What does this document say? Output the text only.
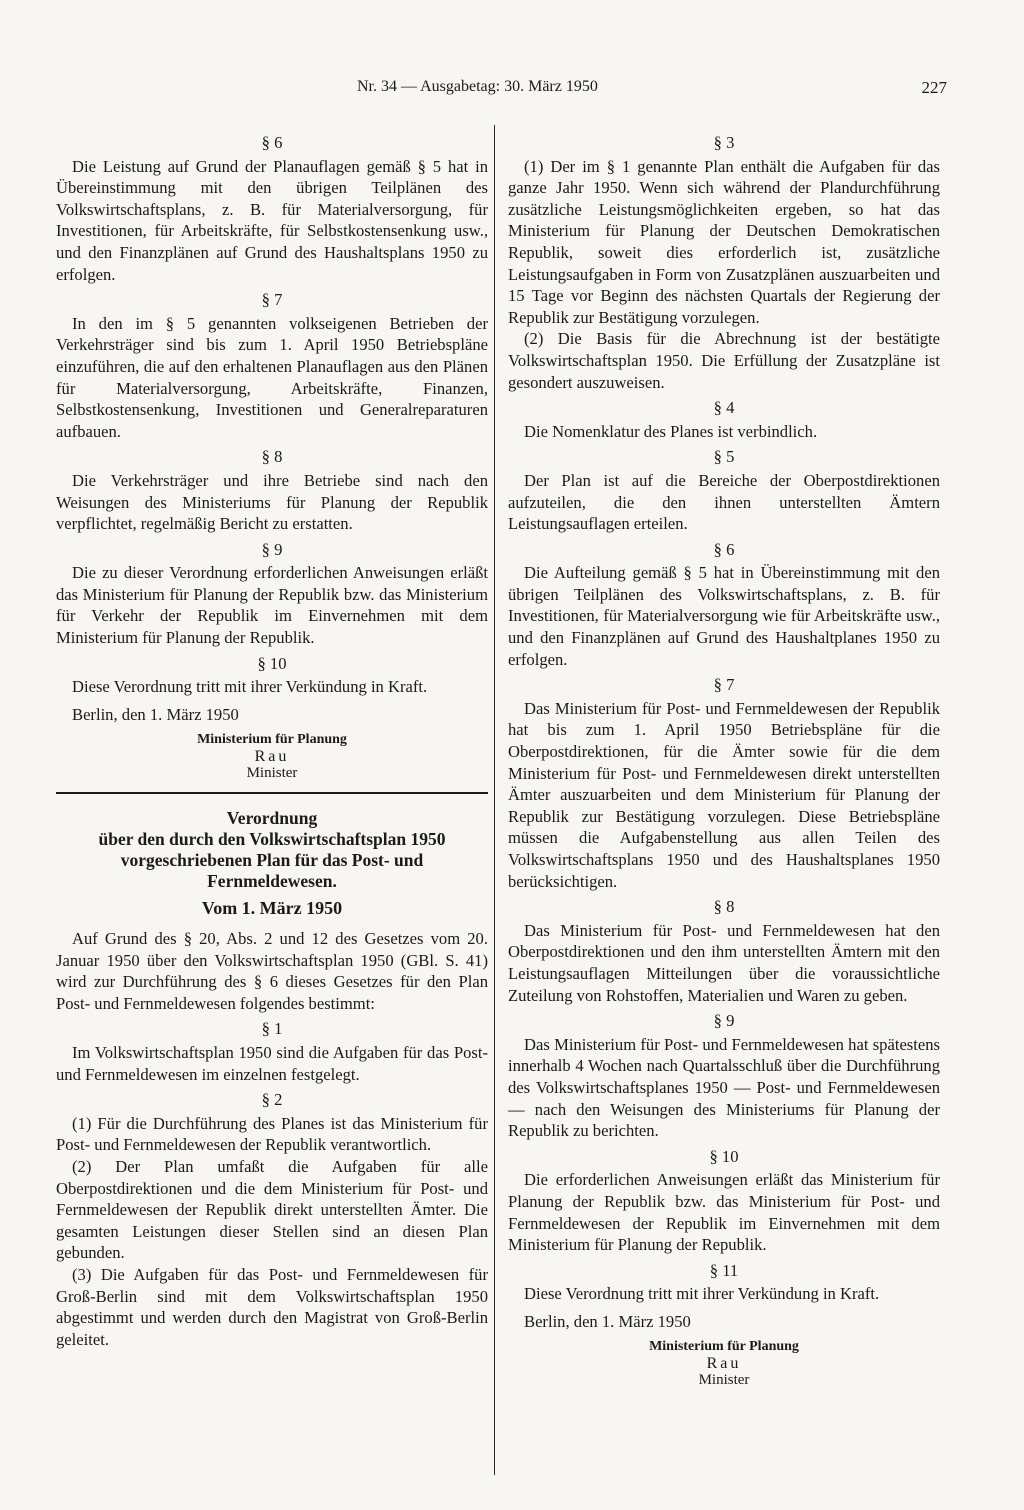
Nr. 34 — Ausgabetag: 30. März 1950	227
§ 6

Die Leistung auf Grund der Planauflagen gemäß § 5 hat in Übereinstimmung mit den übrigen Teilplänen des Volkswirtschaftsplans, z. B. für Materialversorgung, für Investitionen, für Arbeitskräfte, für Selbstkostensenkung usw., und den Finanzplänen auf Grund des Haushaltsplans 1950 zu erfolgen.

§ 7

In den im § 5 genannten volkseigenen Betrieben der Verkehrsträger sind bis zum 1. April 1950 Betriebspläne einzuführen, die auf den erhaltenen Planauflagen aus den Plänen für Materialversorgung, Arbeitskräfte, Finanzen, Selbstkostensenkung, Investitionen und Generalreparaturen aufbauen.

§ 8

Die Verkehrsträger und ihre Betriebe sind nach den Weisungen des Ministeriums für Planung der Republik verpflichtet, regelmäßig Bericht zu erstatten.

§ 9

Die zu dieser Verordnung erforderlichen Anweisungen erläßt das Ministerium für Planung der Republik bzw. das Ministerium für Verkehr der Republik im Einvernehmen mit dem Ministerium für Planung der Republik.

§ 10

Diese Verordnung tritt mit ihrer Verkündung in Kraft.

Berlin, den 1. März 1950
Ministerium für Planung
Rau
Minister
Verordnung
über den durch den Volkswirtschaftsplan 1950 vorgeschriebenen Plan für das Post- und Fernmeldewesen.
Vom 1. März 1950

Auf Grund des § 20, Abs. 2 und 12 des Gesetzes vom 20. Januar 1950 über den Volkswirtschaftsplan 1950 (GBl. S. 41) wird zur Durchführung des § 6 dieses Gesetzes für den Plan Post- und Fernmeldewesen folgendes bestimmt:

§ 1

Im Volkswirtschaftsplan 1950 sind die Aufgaben für das Post- und Fernmeldewesen im einzelnen festgelegt.

§ 2

(1) Für die Durchführung des Planes ist das Ministerium für Post- und Fernmeldewesen der Republik verantwortlich.

(2) Der Plan umfaßt die Aufgaben für alle Oberpostdirektionen und die dem Ministerium für Post- und Fernmeldewesen der Republik direkt unterstellten Ämter. Die gesamten Leistungen dieser Stellen sind an diesen Plan gebunden.

(3) Die Aufgaben für das Post- und Fernmeldewesen für Groß-Berlin sind mit dem Volkswirtschaftsplan 1950 abgestimmt und werden durch den Magistrat von Groß-Berlin geleitet.

§ 3

(1) Der im § 1 genannte Plan enthält die Aufgaben für das ganze Jahr 1950. Wenn sich während der Plandurchführung zusätzliche Leistungsmöglichkeiten ergeben, so hat das Ministerium für Planung der Deutschen Demokratischen Republik, soweit dies erforderlich ist, zusätzliche Leistungsaufgaben in Form von Zusatzplänen auszuarbeiten und 15 Tage vor Beginn des nächsten Quartals der Regierung der Republik zur Bestätigung vorzulegen.

(2) Die Basis für die Abrechnung ist der bestätigte Volkswirtschaftsplan 1950. Die Erfüllung der Zusatzpläne ist gesondert auszuweisen.

§ 4

Die Nomenklatur des Planes ist verbindlich.

§ 5

Der Plan ist auf die Bereiche der Oberpostdirektionen aufzuteilen, die den ihnen unterstellten Ämtern Leistungsauflagen erteilen.

§ 6

Die Aufteilung gemäß § 5 hat in Übereinstimmung mit den übrigen Teilplänen des Volkswirtschaftsplans, z. B. für Investitionen, für Materialversorgung wie für Arbeitskräfte usw., und den Finanzplänen auf Grund des Haushaltplanes 1950 zu erfolgen.

§ 7

Das Ministerium für Post- und Fernmeldewesen der Republik hat bis zum 1. April 1950 Betriebspläne für die Oberpostdirektionen, für die Ämter sowie für die dem Ministerium für Post- und Fernmeldewesen direkt unterstellten Ämter auszuarbeiten und dem Ministerium für Planung der Republik zur Bestätigung vorzulegen. Diese Betriebspläne müssen die Aufgabenstellung aus allen Teilen des Volkswirtschaftsplans 1950 und des Haushaltsplanes 1950 berücksichtigen.

§ 8

Das Ministerium für Post- und Fernmeldewesen hat den Oberpostdirektionen und den ihm unterstellten Ämtern mit den Leistungsauflagen Mitteilungen über die voraussichtliche Zuteilung von Rohstoffen, Materialien und Waren zu geben.

§ 9

Das Ministerium für Post- und Fernmeldewesen hat spätestens innerhalb 4 Wochen nach Quartalsschluß über die Durchführung des Volkswirtschaftsplanes 1950 — Post- und Fernmeldewesen — nach den Weisungen des Ministeriums für Planung der Republik zu berichten.

§ 10

Die erforderlichen Anweisungen erläßt das Ministerium für Planung der Republik bzw. das Ministerium für Post- und Fernmeldewesen der Republik im Einvernehmen mit dem Ministerium für Planung der Republik.

§ 11

Diese Verordnung tritt mit ihrer Verkündung in Kraft.

Berlin, den 1. März 1950
Ministerium für Planung
Rau
Minister
